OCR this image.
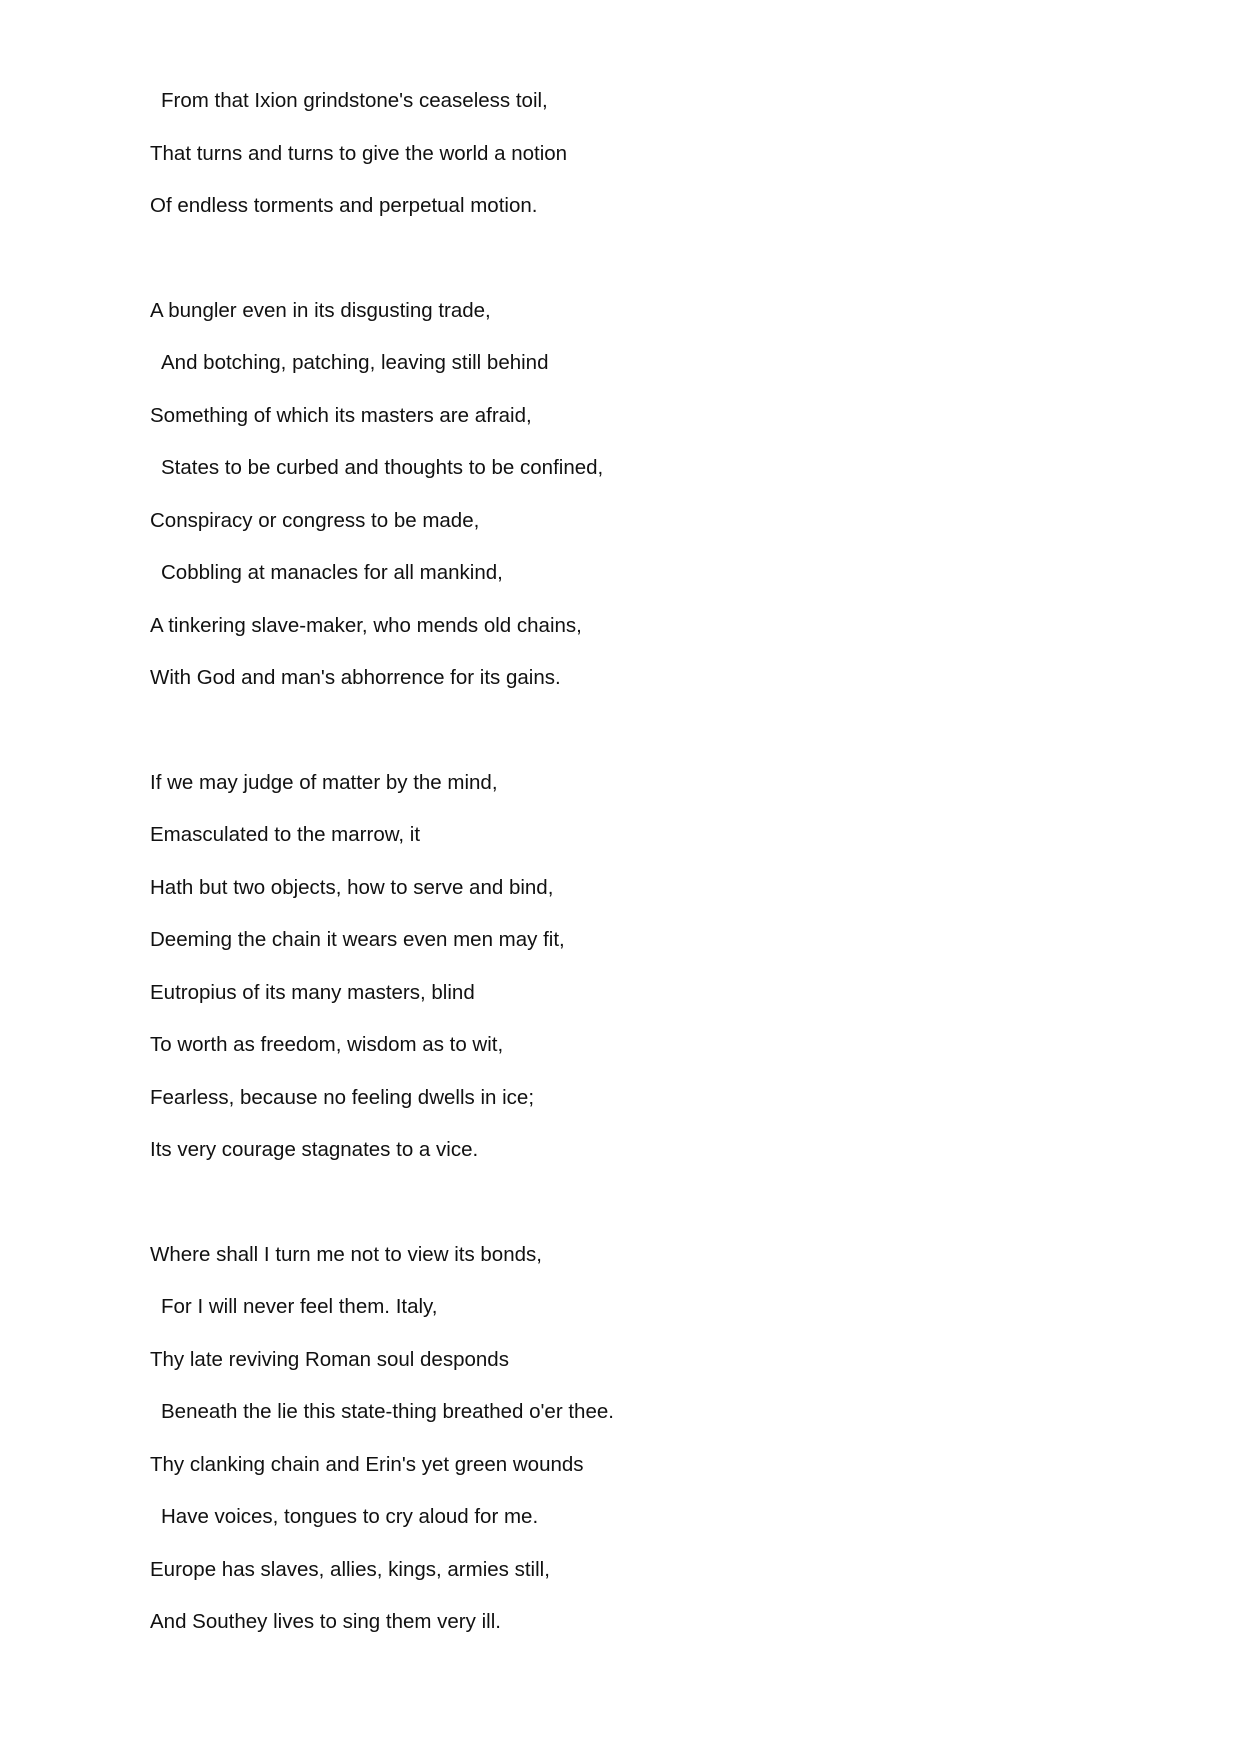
From that Ixion grindstone's ceaseless toil,
That turns and turns to give the world a notion
Of endless torments and perpetual motion.
A bungler even in its disgusting trade,
And botching, patching, leaving still behind
Something of which its masters are afraid,
States to be curbed and thoughts to be confined,
Conspiracy or congress to be made,
Cobbling at manacles for all mankind,
A tinkering slave-maker, who mends old chains,
With God and man's abhorrence for its gains.
If we may judge of matter by the mind,
Emasculated to the marrow, it
Hath but two objects, how to serve and bind,
Deeming the chain it wears even men may fit,
Eutropius of its many masters, blind
To worth as freedom, wisdom as to wit,
Fearless, because no feeling dwells in ice;
Its very courage stagnates to a vice.
Where shall I turn me not to view its bonds,
For I will never feel them. Italy,
Thy late reviving Roman soul desponds
Beneath the lie this state-thing breathed o'er thee.
Thy clanking chain and Erin's yet green wounds
Have voices, tongues to cry aloud for me.
Europe has slaves, allies, kings, armies still,
And Southey lives to sing them very ill.
